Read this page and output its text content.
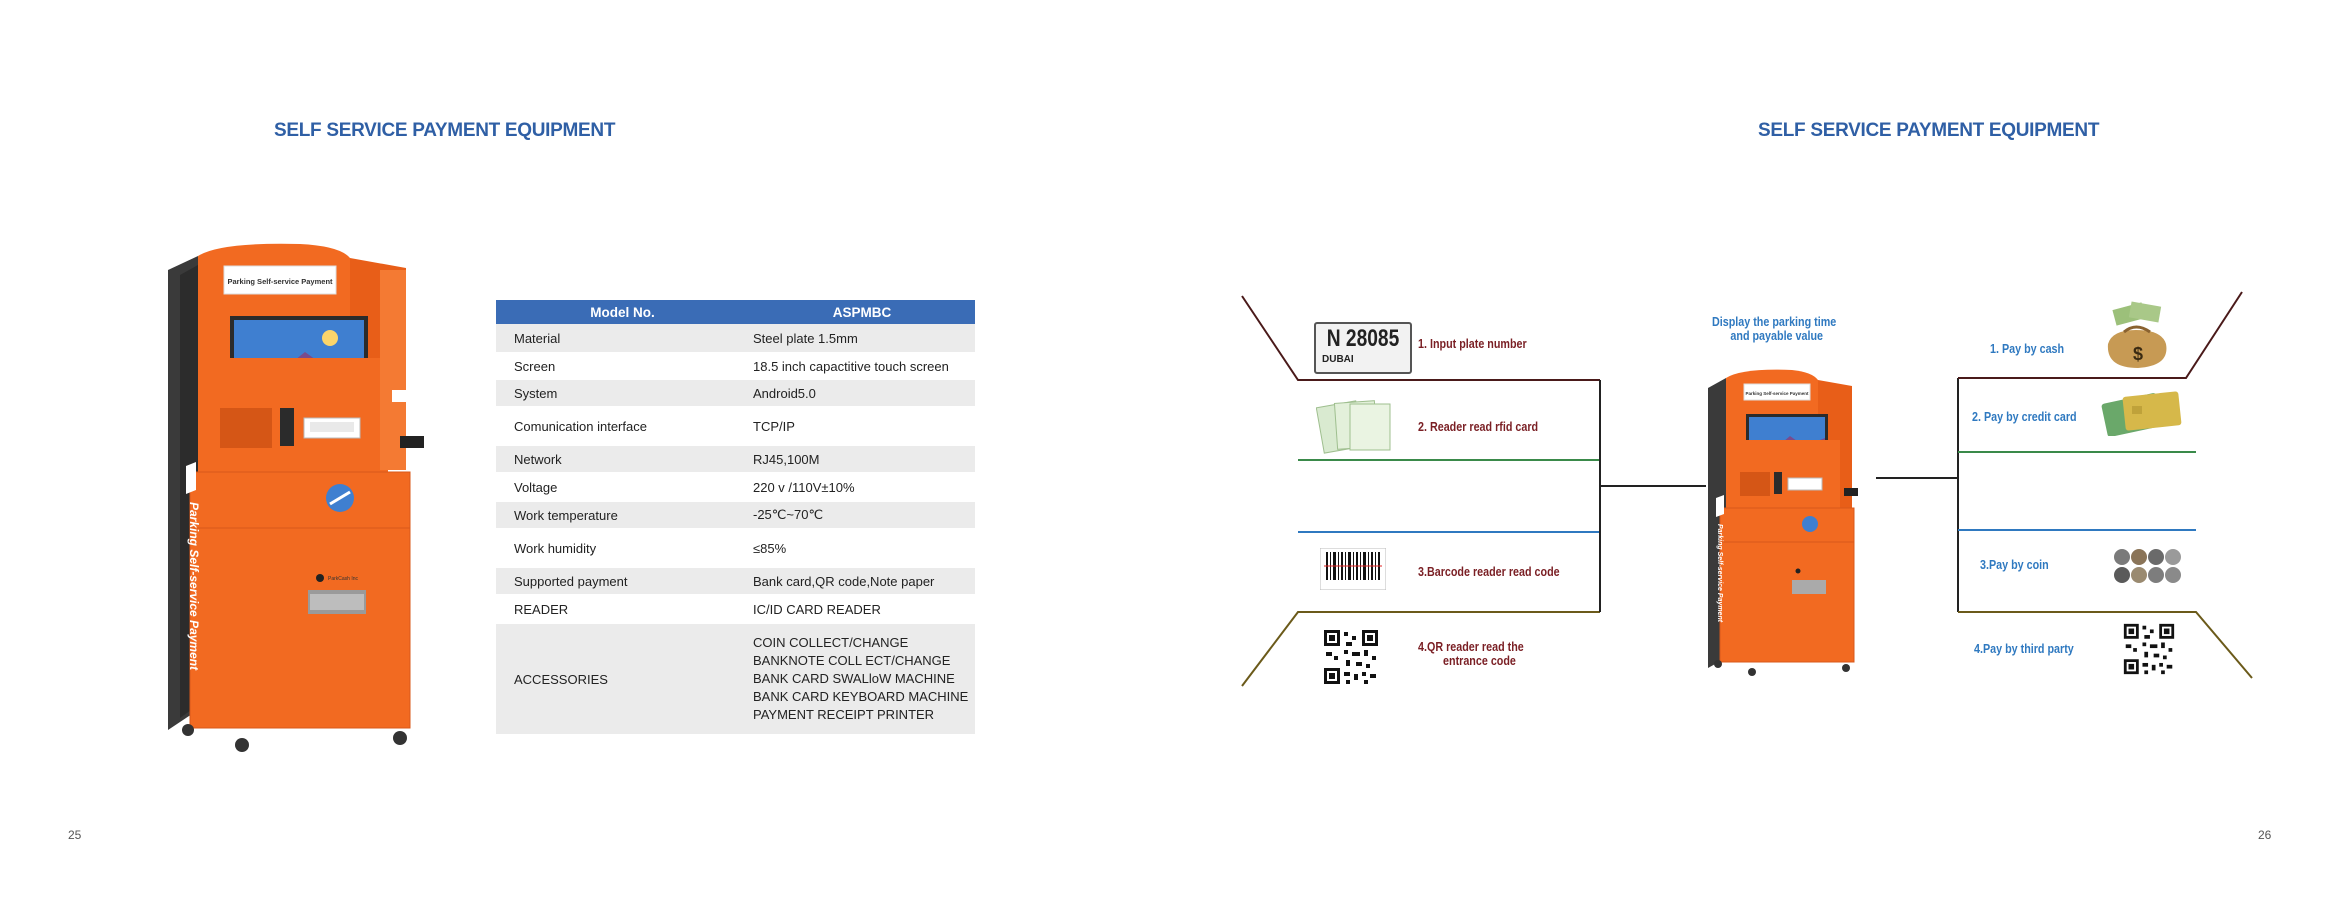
SELF SERVICE PAYMENT EQUIPMENT
Parking Self-service Payment
ParkCash Inc
Parking Self-service Payment
Model No.	ASPMBC
Material	Steel plate 1.5mm
Screen	18.5 inch capactitive touch screen
System	Android5.0
Comunication interface	TCP/IP
Network	RJ45,100M
Voltage	220 v /110V±10%
Work temperature	-25℃~70℃
Work humidity	≤85%
Supported payment	Bank card,QR code,Note paper
READER	IC/ID CARD READER
ACCESSORIES	COIN COLLECT/CHANGE
BANKNOTE COLL ECT/CHANGE
BANK CARD SWALloW MACHINE
BANK CARD KEYBOARD MACHINE
PAYMENT RECEIPT PRINTER
25
SELF SERVICE PAYMENT EQUIPMENT
N 28085
DUBAI
1. Input plate number
2. Reader read rfid card
3.Barcode reader read code
4.QR reader read the
entrance code
Display the parking time
and payable value
Parking Self-service Payment
Parking Self-service Payment
1. Pay by cash
2. Pay by credit card
3.Pay by coin
4.Pay by third party
$
26
